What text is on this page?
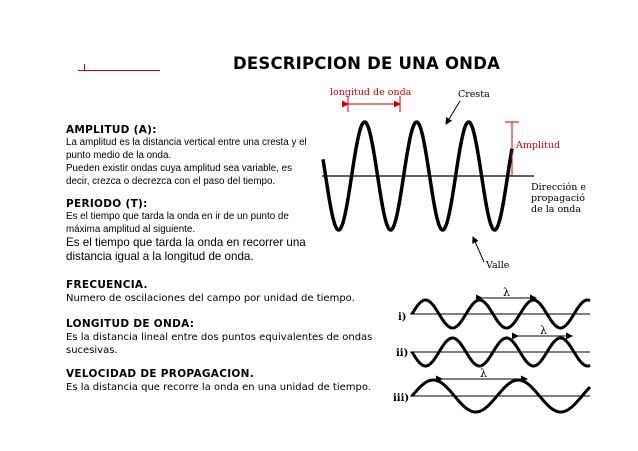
DESCRIPCION DE UNA ONDA
AMPLITUD (A):
La amplitud es la distancia vertical entre una cresta y el
punto medio de la onda.
Pueden existir ondas cuya amplitud sea variable, es
decir, crezca o decrezca con el paso del tiempo.
PERIODO (T):
Es el tiempo que tarda la onda en ir de un punto de
máxima amplitud al siguiente.
Es el tiempo que tarda la onda en recorrer una
distancia igual a la longitud de onda.
FRECUENCIA.
Numero de oscilaciones del campo por unidad de tiempo.
LONGITUD DE ONDA:
Es la distancia lineal entre dos puntos equivalentes de ondas
sucesivas.
VELOCIDAD DE PROPAGACION.
Es la distancia que recorre la onda en una unidad de tiempo.
longitud de onda	Cresta
Amplitud
Dirección e
propagació
de la onda
Valle
i)
ii)
iii)
λ
λ
λ
